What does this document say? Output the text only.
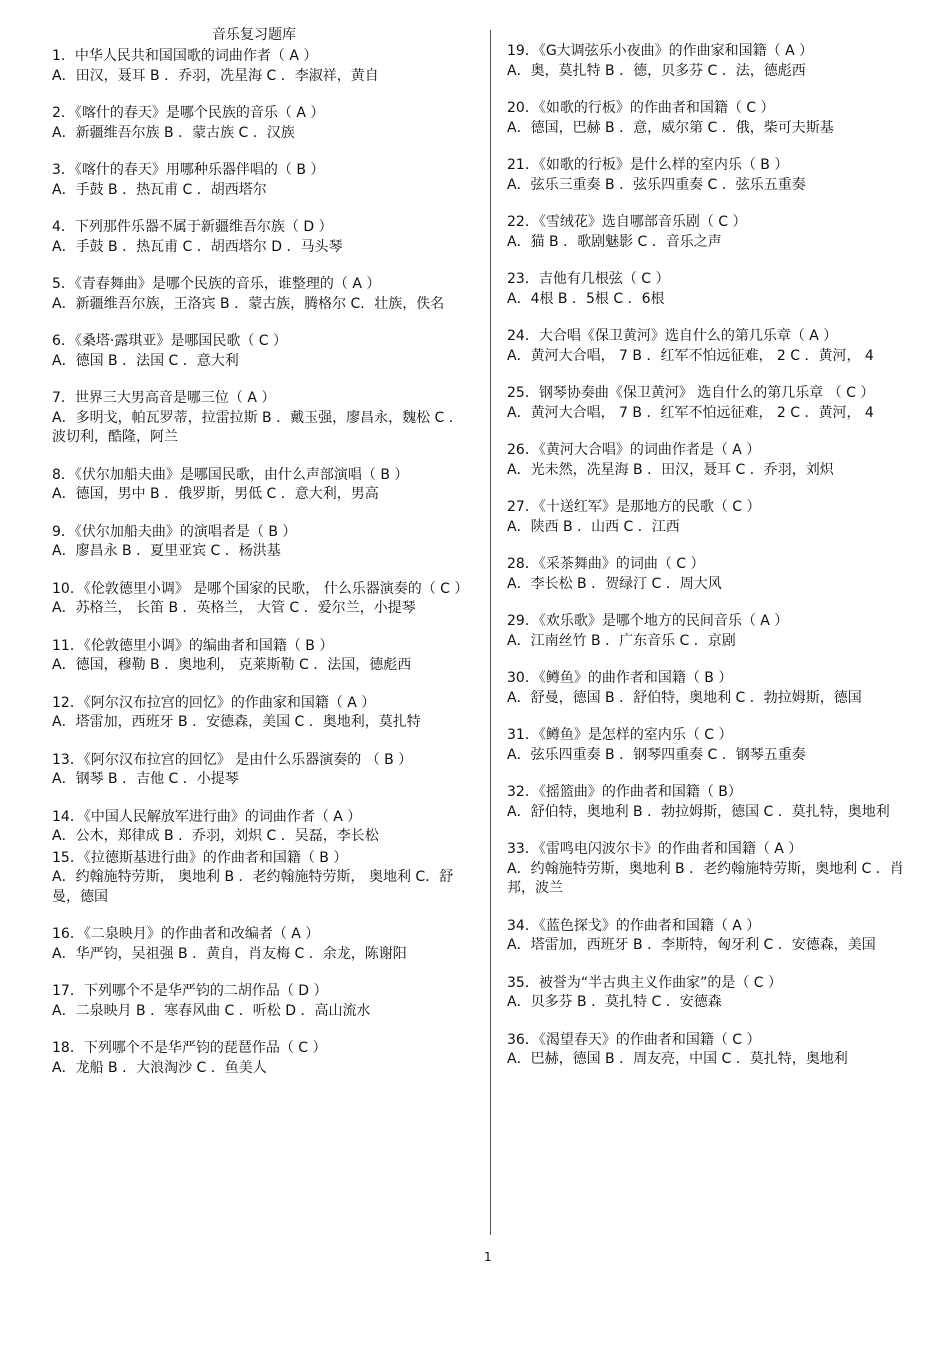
音乐复习题库
1．中华人民共和国国歌的词曲作者（ A ）
A．田汉，聂耳 B ．乔羽，冼星海 C ．李淑祥，黄自
2．《喀什的春天》是哪个民族的音乐（ A ）
A．新疆维吾尔族 B ．蒙古族 C ．汉族
3．《喀什的春天》用哪种乐器伴唱的（ B ）
A．手鼓 B ．热瓦甫 C ．胡西塔尔
4．下列那件乐器不属于新疆维吾尔族（ D ）
A．手鼓 B ．热瓦甫 C ．胡西塔尔 D ．马头琴
5．《青春舞曲》是哪个民族的音乐，谁整理的（ A ）
A．新疆维吾尔族，王洛宾 B ．蒙古族，腾格尔 C．壮族，佚名
6．《桑塔·露琪亚》是哪国民歌（ C ）
A．德国 B ．法国 C ．意大利
7．世界三大男高音是哪三位（ A ）
A．多明戈，帕瓦罗蒂，拉雷拉斯 B ．戴玉强，廖昌永，魏松 C ．波切利，酷隆，阿兰
8．《伏尔加船夫曲》是哪国民歌，由什么声部演唱（ B ）
A．德国，男中 B ．俄罗斯，男低 C ．意大利，男高
9．《伏尔加船夫曲》的演唱者是（ B ）
A．廖昌永 B ．夏里亚宾 C ．杨洪基
10．《伦敦德里小调》 是哪个国家的民歌， 什么乐器演奏的（ C ）
A．苏格兰， 长笛 B ．英格兰， 大管 C ．爱尔兰，小提琴
11．《伦敦德里小调》的编曲者和国籍（ B ）
A．德国，穆勒 B ．奥地利， 克莱斯勒 C ．法国，德彪西
12．《阿尔汉布拉宫的回忆》的作曲家和国籍（ A ）
A．塔雷加，西班牙 B ．安德森，美国 C ．奥地利，莫扎特
13．《阿尔汉布拉宫的回忆》 是由什么乐器演奏的 （ B ）
A．钢琴 B ．吉他 C ．小提琴
14．《中国人民解放军进行曲》的词曲作者（ A ）
A．公木，郑律成 B ．乔羽，刘炽 C ．吴磊，李长松
15．《拉德斯基进行曲》的作曲者和国籍（ B ）
A．约翰施特劳斯， 奥地利 B ．老约翰施特劳斯， 奥地利 C．舒曼，德国
16．《二泉映月》的作曲者和改编者（ A ）
A．华严钧，吴祖强 B ．黄自，肖友梅 C ．余龙，陈谢阳
17．下列哪个不是华严钧的二胡作品（ D ）
A．二泉映月 B ．寒春风曲 C ．听松 D ．高山流水
18．下列哪个不是华严钧的琵琶作品（ C ）
A．龙船 B ．大浪淘沙 C ．鱼美人
19．《G大调弦乐小夜曲》的作曲家和国籍（ A ）
A．奥，莫扎特 B ．德，贝多芬 C ．法，德彪西
20．《如歌的行板》的作曲者和国籍（ C ）
A．德国，巴赫 B ．意，威尔第 C ．俄，柴可夫斯基
21．《如歌的行板》是什么样的室内乐（ B ）
A．弦乐三重奏 B ．弦乐四重奏 C ．弦乐五重奏
22．《雪绒花》选自哪部音乐剧（ C ）
A．猫 B ．歌剧魅影 C ．音乐之声
23．吉他有几根弦（ C ）
A．4根 B ．5根 C ．6根
24．大合唱《保卫黄河》选自什么的第几乐章（ A ）
A．黄河大合唱， 7 B ．红军不怕远征难， 2 C ．黄河， 4
25．钢琴协奏曲《保卫黄河》 选自什么的第几乐章 （ C ）
A．黄河大合唱， 7 B ．红军不怕远征难， 2 C ．黄河， 4
26．《黄河大合唱》的词曲作者是（ A ）
A．光未然，冼星海 B ．田汉，聂耳 C ．乔羽，刘炽
27．《十送红军》是那地方的民歌（ C ）
A．陕西 B ．山西 C ．江西
28．《采茶舞曲》的词曲（ C ）
A．李长松 B ．贺绿汀 C ．周大风
29．《欢乐歌》是哪个地方的民间音乐（ A ）
A．江南丝竹 B ．广东音乐 C ．京剧
30．《鳟鱼》的曲作者和国籍（ B ）
A．舒曼，德国 B ．舒伯特，奥地利 C ．勃拉姆斯，德国
31．《鳟鱼》是怎样的室内乐（ C ）
A．弦乐四重奏 B ．钢琴四重奏 C ．钢琴五重奏
32．《摇篮曲》的作曲者和国籍（ B）
A．舒伯特，奥地利 B ．勃拉姆斯，德国 C ．莫扎特，奥地利
33．《雷鸣电闪波尔卡》的作曲者和国籍（ A ）
A．约翰施特劳斯，奥地利 B ．老约翰施特劳斯，奥地利 C ．肖邦，波兰
34．《蓝色探戈》的作曲者和国籍（ A ）
A．塔雷加，西班牙 B ．李斯特，匈牙利 C ．安德森，美国
35．被誉为“半古典主义作曲家”的是（ C ）
A．贝多芬 B ．莫扎特 C ．安德森
36．《渴望春天》的作曲者和国籍（ C ）
A．巴赫，德国 B ．周友亮，中国 C ．莫扎特，奥地利
1
